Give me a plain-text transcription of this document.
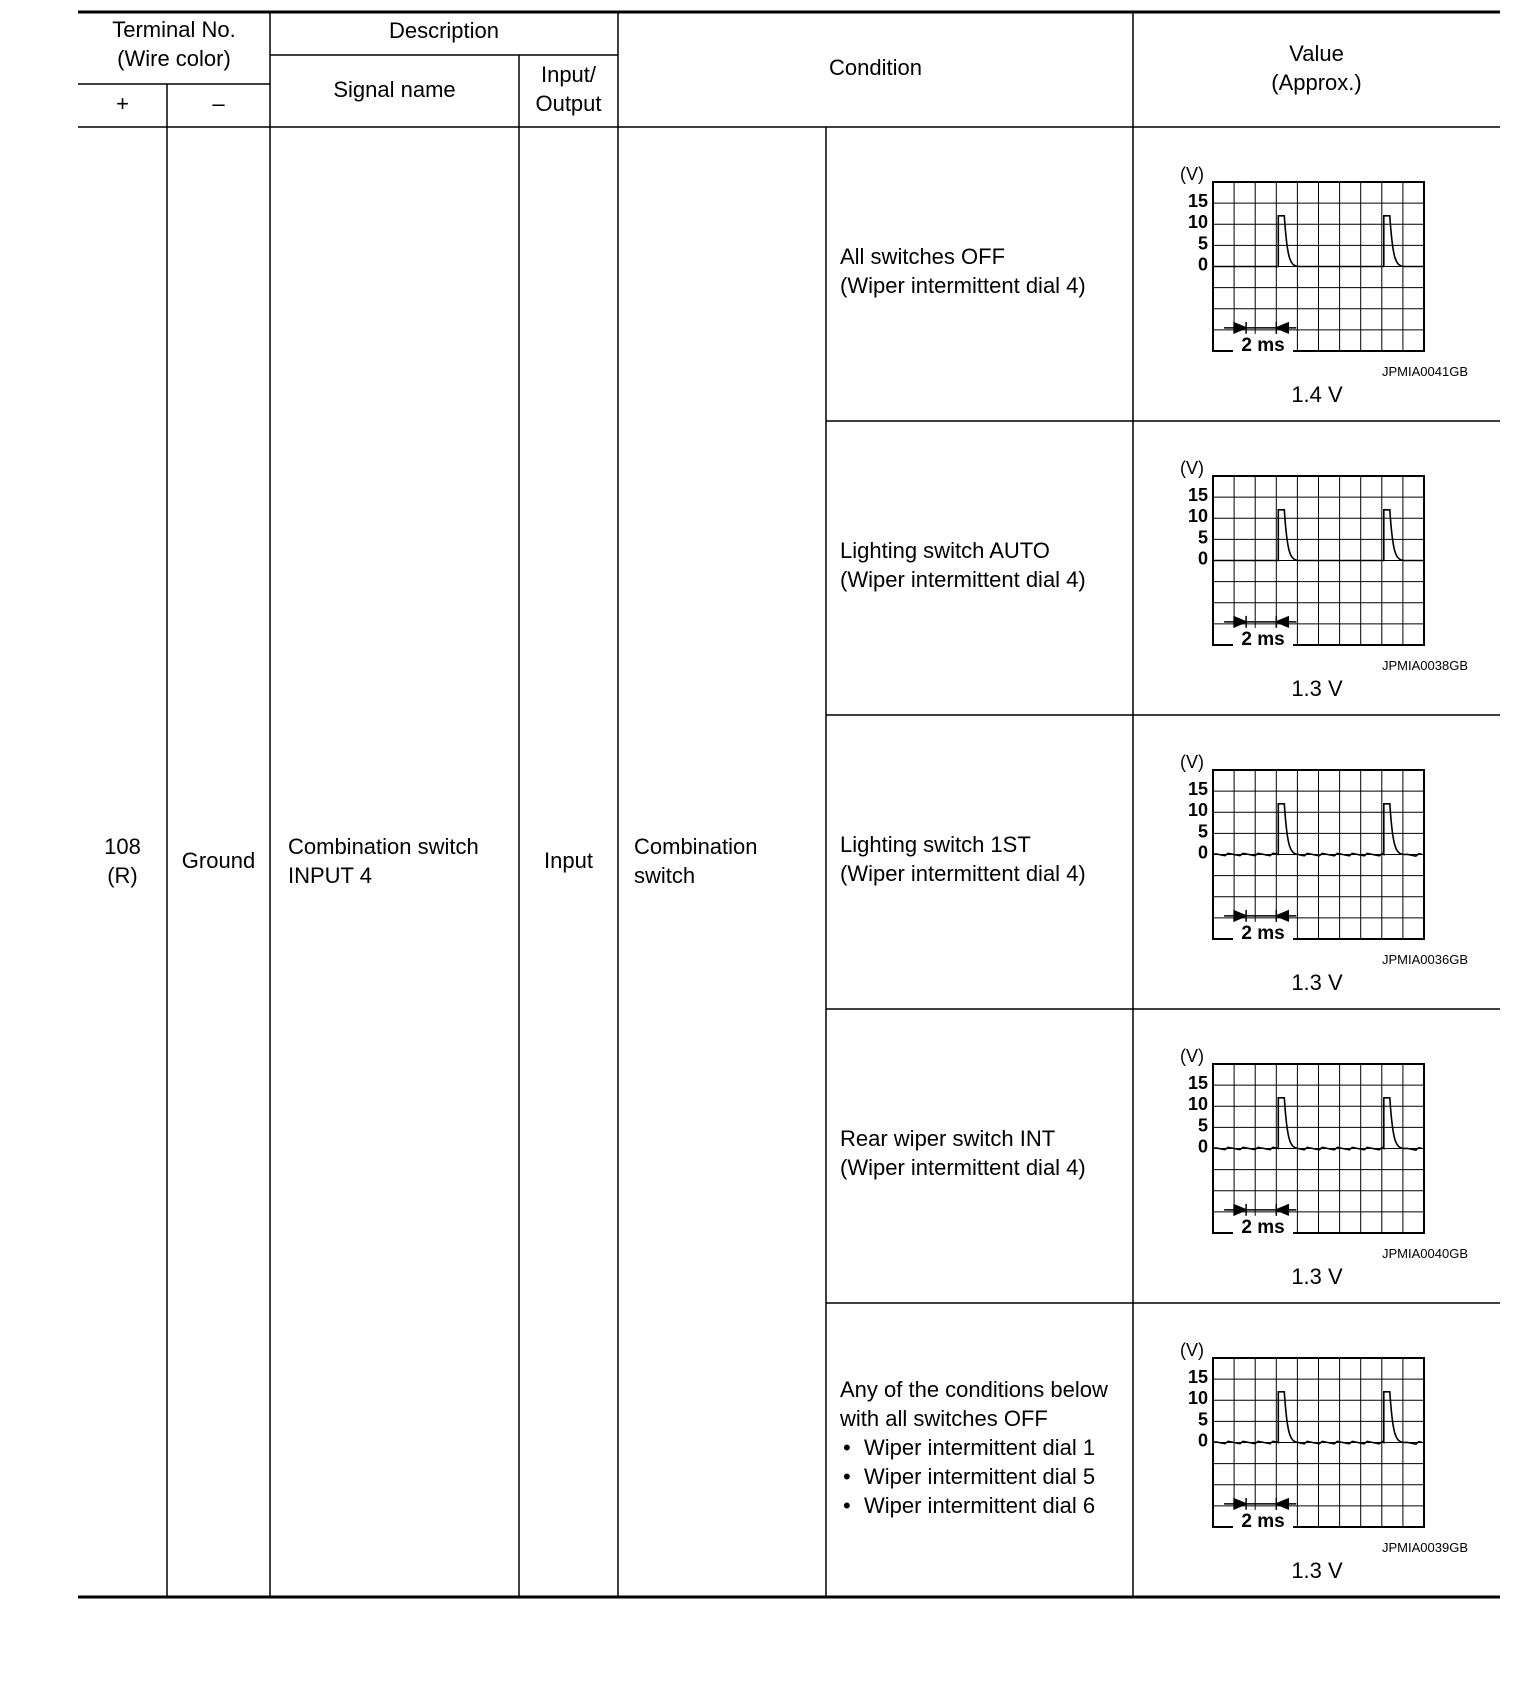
Terminal No.
(Wire color)
+	–
Description
Signal name
Input/
Output
Condition
Value
(Approx.)
108
(R)
Ground
Combination switch
INPUT 4
Input
Combination
switch
All switches OFF
(Wiper intermittent dial 4)
(V)
15
10
5
0
2 ms
JPMIA0041GB
1.4 V
Lighting switch AUTO
(Wiper intermittent dial 4)
(V)
15
10
5
0
2 ms
JPMIA0038GB
1.3 V
Lighting switch 1ST
(Wiper intermittent dial 4)
(V)
15
10
5
0
2 ms
JPMIA0036GB
1.3 V
Rear wiper switch INT
(Wiper intermittent dial 4)
(V)
15
10
5
0
2 ms
JPMIA0040GB
1.3 V
Any of the conditions below
with all switches OFF
• Wiper intermittent dial 1
• Wiper intermittent dial 5
• Wiper intermittent dial 6
(V)
15
10
5
0
2 ms
JPMIA0039GB
1.3 V
